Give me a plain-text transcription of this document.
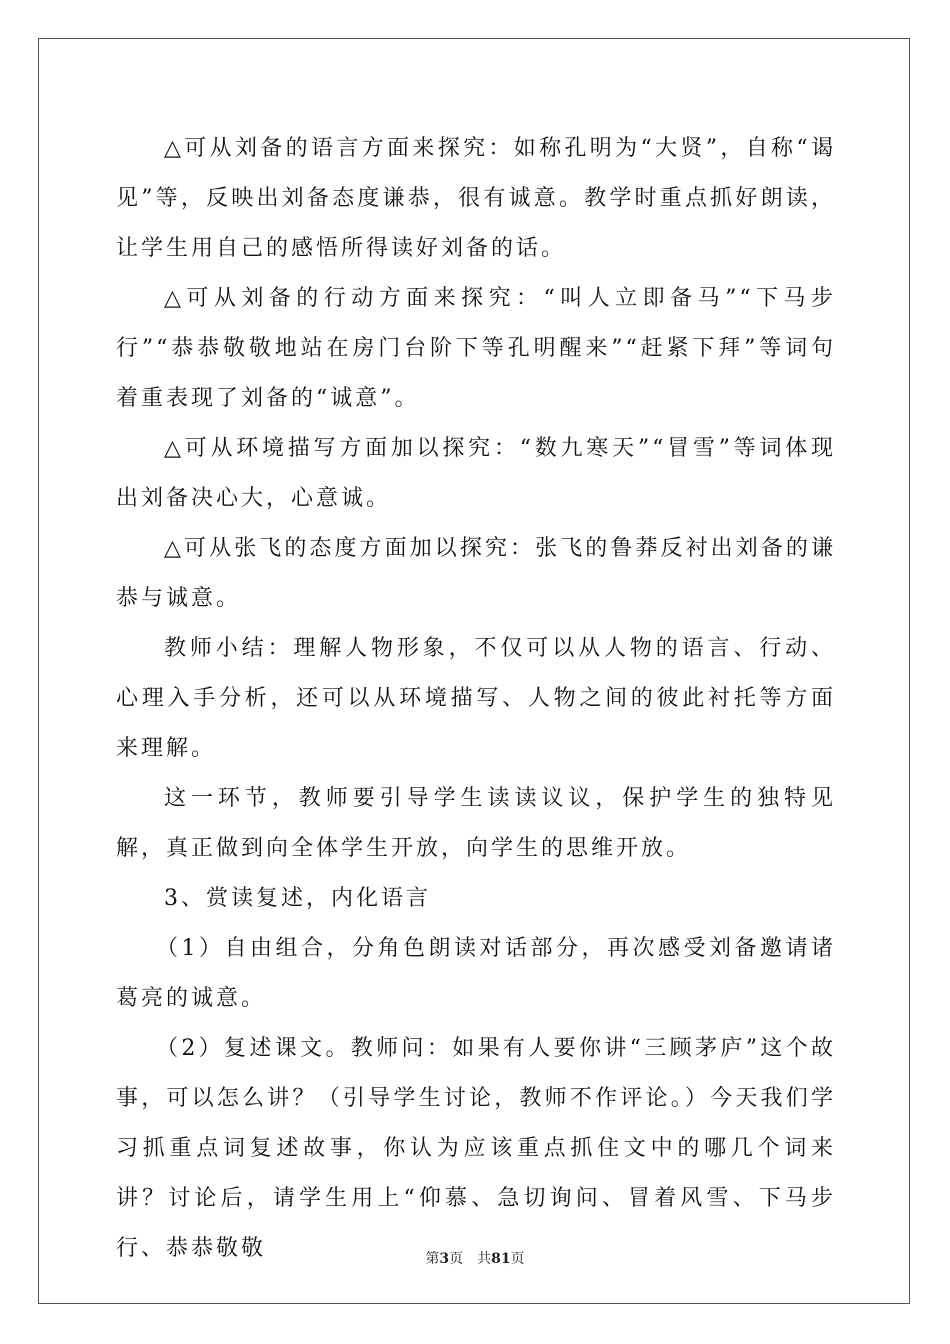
△可从刘备的语言方面来探究：如称孔明为“大贤”，自称“谒见”等，反映出刘备态度谦恭，很有诚意。教学时重点抓好朗读，让学生用自己的感悟所得读好刘备的话。

△可从刘备的行动方面来探究：“叫人立即备马”“下马步行”“恭恭敬敬地站在房门台阶下等孔明醒来”“赶紧下拜”等词句着重表现了刘备的“诚意”。

△可从环境描写方面加以探究：“数九寒天”“冒雪”等词体现出刘备决心大，心意诚。

△可从张飞的态度方面加以探究：张飞的鲁莽反衬出刘备的谦恭与诚意。

教师小结：理解人物形象，不仅可以从人物的语言、行动、心理入手分析，还可以从环境描写、人物之间的彼此衬托等方面来理解。

这一环节，教师要引导学生读读议议，保护学生的独特见解，真正做到向全体学生开放，向学生的思维开放。

3、赏读复述，内化语言

（1）自由组合，分角色朗读对话部分，再次感受刘备邀请诸葛亮的诚意。

（2）复述课文。教师问：如果有人要你讲“三顾茅庐”这个故事，可以怎么讲？（引导学生讨论，教师不作评论。）今天我们学习抓重点词复述故事，你认为应该重点抓住文中的哪几个词来讲？讨论后，请学生用上“仰慕、急切询问、冒着风雪、下马步行、恭恭敬敬	第3页 共81页
